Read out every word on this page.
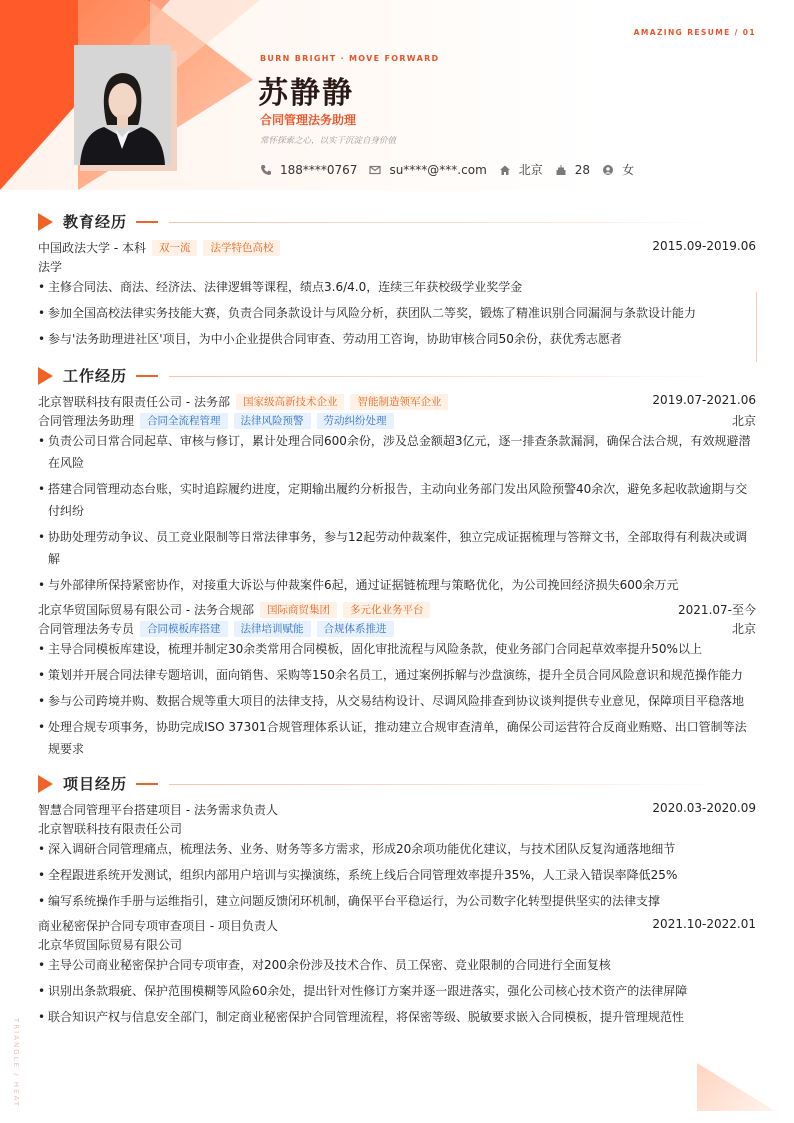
AMAZING RESUME / 01
BURN BRIGHT · MOVE FORWARD
苏静静
合同管理法务助理
常怀探索之心，以实干沉淀自身价值
188****0767	su****@***.com	北京	28	女
教育经历
中国政法大学 - 本科	双一流	法学特色高校	2015.09-2019.06
法学
• 主修合同法、商法、经济法、法律逻辑等课程，绩点3.6/4.0，连续三年获校级学业奖学金
• 参加全国高校法律实务技能大赛，负责合同条款设计与风险分析，获团队二等奖，锻炼了精准识别合同漏洞与条款设计能力
• 参与'法务助理进社区'项目，为中小企业提供合同审查、劳动用工咨询，协助审核合同50余份，获优秀志愿者
工作经历
北京智联科技有限责任公司 - 法务部	国家级高新技术企业	智能制造领军企业	2019.07-2021.06
合同管理法务助理	合同全流程管理	法律风险预警	劳动纠纷处理	北京
• 负责公司日常合同起草、审核与修订，累计处理合同600余份，涉及总金额超3亿元，逐一排查条款漏洞，确保合法合规，有效规避潜在风险
• 搭建合同管理动态台账，实时追踪履约进度，定期输出履约分析报告，主动向业务部门发出风险预警40余次，避免多起收款逾期与交付纠纷
• 协助处理劳动争议、员工竞业限制等日常法律事务，参与12起劳动仲裁案件，独立完成证据梳理与答辩文书，全部取得有利裁决或调解
• 与外部律所保持紧密协作，对接重大诉讼与仲裁案件6起，通过证据链梳理与策略优化，为公司挽回经济损失600余万元
北京华贸国际贸易有限公司 - 法务合规部	国际商贸集团	多元化业务平台	2021.07-至今
合同管理法务专员	合同模板库搭建	法律培训赋能	合规体系推进	北京
• 主导合同模板库建设，梳理并制定30余类常用合同模板，固化审批流程与风险条款，使业务部门合同起草效率提升50%以上
• 策划并开展合同法律专题培训，面向销售、采购等150余名员工，通过案例拆解与沙盘演练，提升全员合同风险意识和规范操作能力
• 参与公司跨境并购、数据合规等重大项目的法律支持，从交易结构设计、尽调风险排查到协议谈判提供专业意见，保障项目平稳落地
• 处理合规专项事务，协助完成ISO 37301合规管理体系认证，推动建立合规审查清单，确保公司运营符合反商业贿赂、出口管制等法规要求
项目经历
智慧合同管理平台搭建项目 - 法务需求负责人	2020.03-2020.09
北京智联科技有限责任公司
• 深入调研合同管理痛点，梳理法务、业务、财务等多方需求，形成20余项功能优化建议，与技术团队反复沟通落地细节
• 全程跟进系统开发测试，组织内部用户培训与实操演练，系统上线后合同管理效率提升35%，人工录入错误率降低25%
• 编写系统操作手册与运维指引，建立问题反馈闭环机制，确保平台平稳运行，为公司数字化转型提供坚实的法律支撑
商业秘密保护合同专项审查项目 - 项目负责人	2021.10-2022.01
北京华贸国际贸易有限公司
• 主导公司商业秘密保护合同专项审查，对200余份涉及技术合作、员工保密、竞业限制的合同进行全面复核
• 识别出条款瑕疵、保护范围模糊等风险60余处，提出针对性修订方案并逐一跟进落实，强化公司核心技术资产的法律屏障
• 联合知识产权与信息安全部门，制定商业秘密保护合同管理流程，将保密等级、脱敏要求嵌入合同模板，提升管理规范性
TRIANGLE / HEAT
